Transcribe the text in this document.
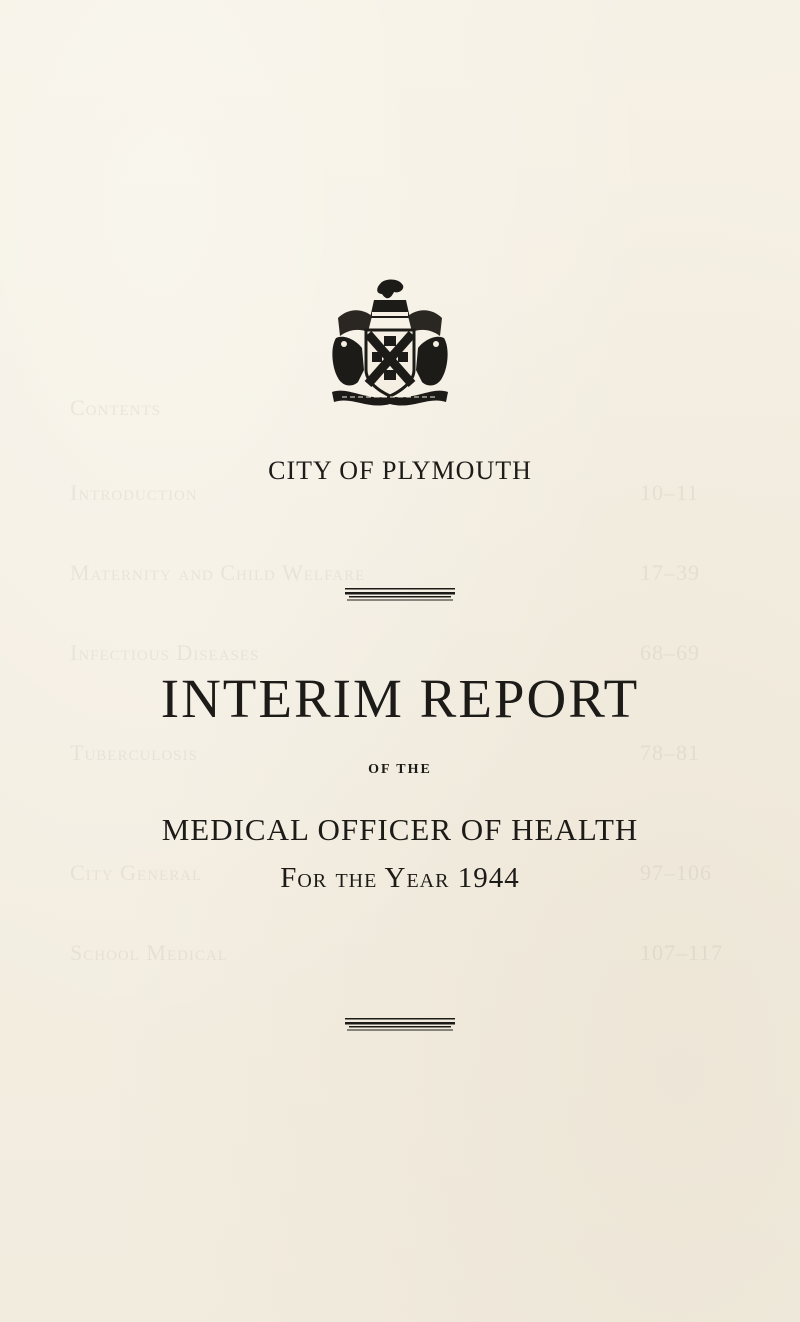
Contents
Introduction
Maternity and Child Welfare
Infectious Diseases
Tuberculosis
City General
School Medical
10–11
17–39
68–69
78–81
97–106
107–117
CITY OF PLYMOUTH
INTERIM REPORT
OF THE
MEDICAL OFFICER OF HEALTH
For the Year 1944
